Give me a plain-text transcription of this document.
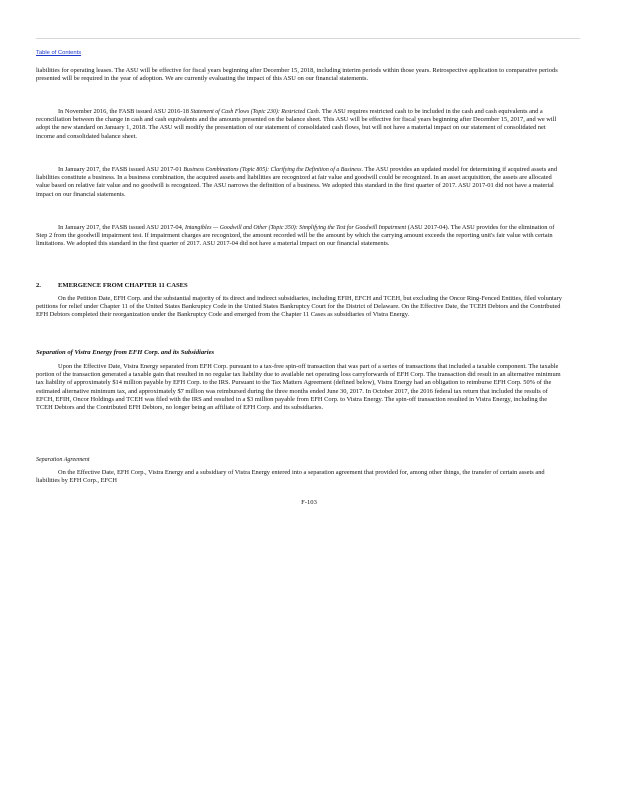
Table of Contents
liabilities for operating leases. The ASU will be effective for fiscal years beginning after December 15, 2018, including interim periods within those years. Retrospective application to comparative periods presented will be required in the year of adoption. We are currently evaluating the impact of this ASU on our financial statements.
In November 2016, the FASB issued ASU 2016-18 Statement of Cash Flows (Topic 230): Restricted Cash. The ASU requires restricted cash to be included in the cash and cash equivalents and a reconciliation between the change in cash and cash equivalents and the amounts presented on the balance sheet. This ASU will be effective for fiscal years beginning after December 15, 2017, and we will adopt the new standard on January 1, 2018. The ASU will modify the presentation of our statement of consolidated cash flows, but will not have a material impact on our statement of consolidated net income and consolidated balance sheet.
In January 2017, the FASB issued ASU 2017-01 Business Combinations (Topic 805): Clarifying the Definition of a Business. The ASU provides an updated model for determining if acquired assets and liabilities constitute a business. In a business combination, the acquired assets and liabilities are recognized at fair value and goodwill could be recognized. In an asset acquisition, the assets are allocated value based on relative fair value and no goodwill is recognized. The ASU narrows the definition of a business. We adopted this standard in the first quarter of 2017. ASU 2017-01 did not have a material impact on our financial statements.
In January 2017, the FASB issued ASU 2017-04, Intangibles — Goodwill and Other (Topic 350): Simplifying the Test for Goodwill Impairment (ASU 2017-04). The ASU provides for the elimination of Step 2 from the goodwill impairment test. If impairment charges are recognized, the amount recorded will be the amount by which the carrying amount exceeds the reporting unit's fair value with certain limitations. We adopted this standard in the first quarter of 2017. ASU 2017-04 did not have a material impact on our financial statements.
2.	EMERGENCE FROM CHAPTER 11 CASES
On the Petition Date, EFH Corp. and the substantial majority of its direct and indirect subsidiaries, including EFIH, EFCH and TCEH, but excluding the Oncor Ring-Fenced Entities, filed voluntary petitions for relief under Chapter 11 of the United States Bankruptcy Code in the United States Bankruptcy Court for the District of Delaware. On the Effective Date, the TCEH Debtors and the Contributed EFH Debtors completed their reorganization under the Bankruptcy Code and emerged from the Chapter 11 Cases as subsidiaries of Vistra Energy.
Separation of Vistra Energy from EFH Corp. and its Subsidiaries
Upon the Effective Date, Vistra Energy separated from EFH Corp. pursuant to a tax-free spin-off transaction that was part of a series of transactions that included a taxable component. The taxable portion of the transaction generated a taxable gain that resulted in no regular tax liability due to available net operating loss carryforwards of EFH Corp. The transaction did result in an alternative minimum tax liability of approximately $14 million payable by EFH Corp. to the IRS. Pursuant to the Tax Matters Agreement (defined below), Vistra Energy had an obligation to reimburse EFH Corp. 50% of the estimated alternative minimum tax, and approximately $7 million was reimbursed during the three months ended June 30, 2017. In October 2017, the 2016 federal tax return that included the results of EFCH, EFIH, Oncor Holdings and TCEH was filed with the IRS and resulted in a $3 million payable from EFH Corp. to Vistra Energy. The spin-off transaction resulted in Vistra Energy, including the TCEH Debtors and the Contributed EFH Debtors, no longer being an affiliate of EFH Corp. and its subsidiaries.
Separation Agreement
On the Effective Date, EFH Corp., Vistra Energy and a subsidiary of Vistra Energy entered into a separation agreement that provided for, among other things, the transfer of certain assets and liabilities by EFH Corp., EFCH
F-103
